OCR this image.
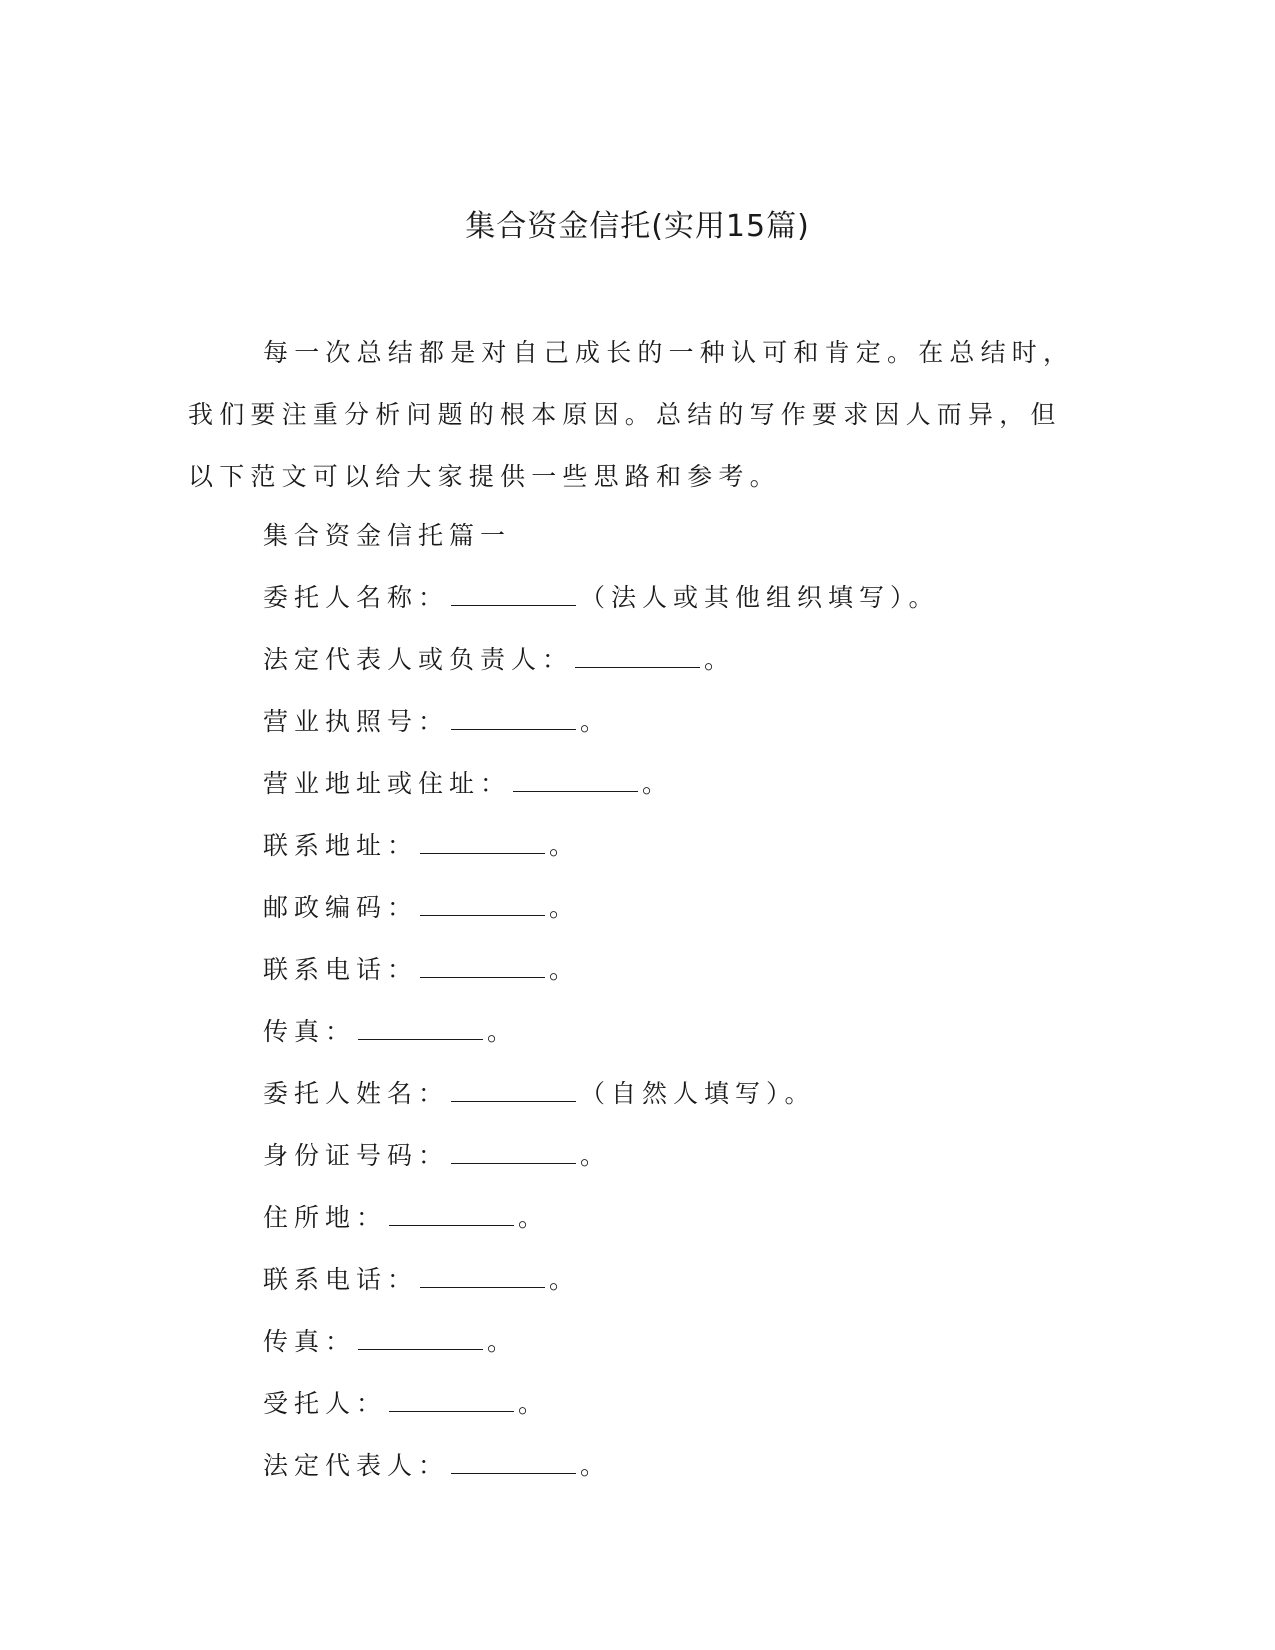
集合资金信托(实用15篇)

每一次总结都是对自己成长的一种认可和肯定。在总结时，我们要注重分析问题的根本原因。总结的写作要求因人而异，但以下范文可以给大家提供一些思路和参考。

集合资金信托篇一
委托人名称：	（法人或其他组织填写）。
法定代表人或负责人：	。
营业执照号：	。
营业地址或住址：	。
联系地址：	。
邮政编码：	。
联系电话：	。
传真：	。
委托人姓名：	（自然人填写）。
身份证号码：	。
住所地：	。
联系电话：	。
传真：	。
受托人：	。
法定代表人：	。
